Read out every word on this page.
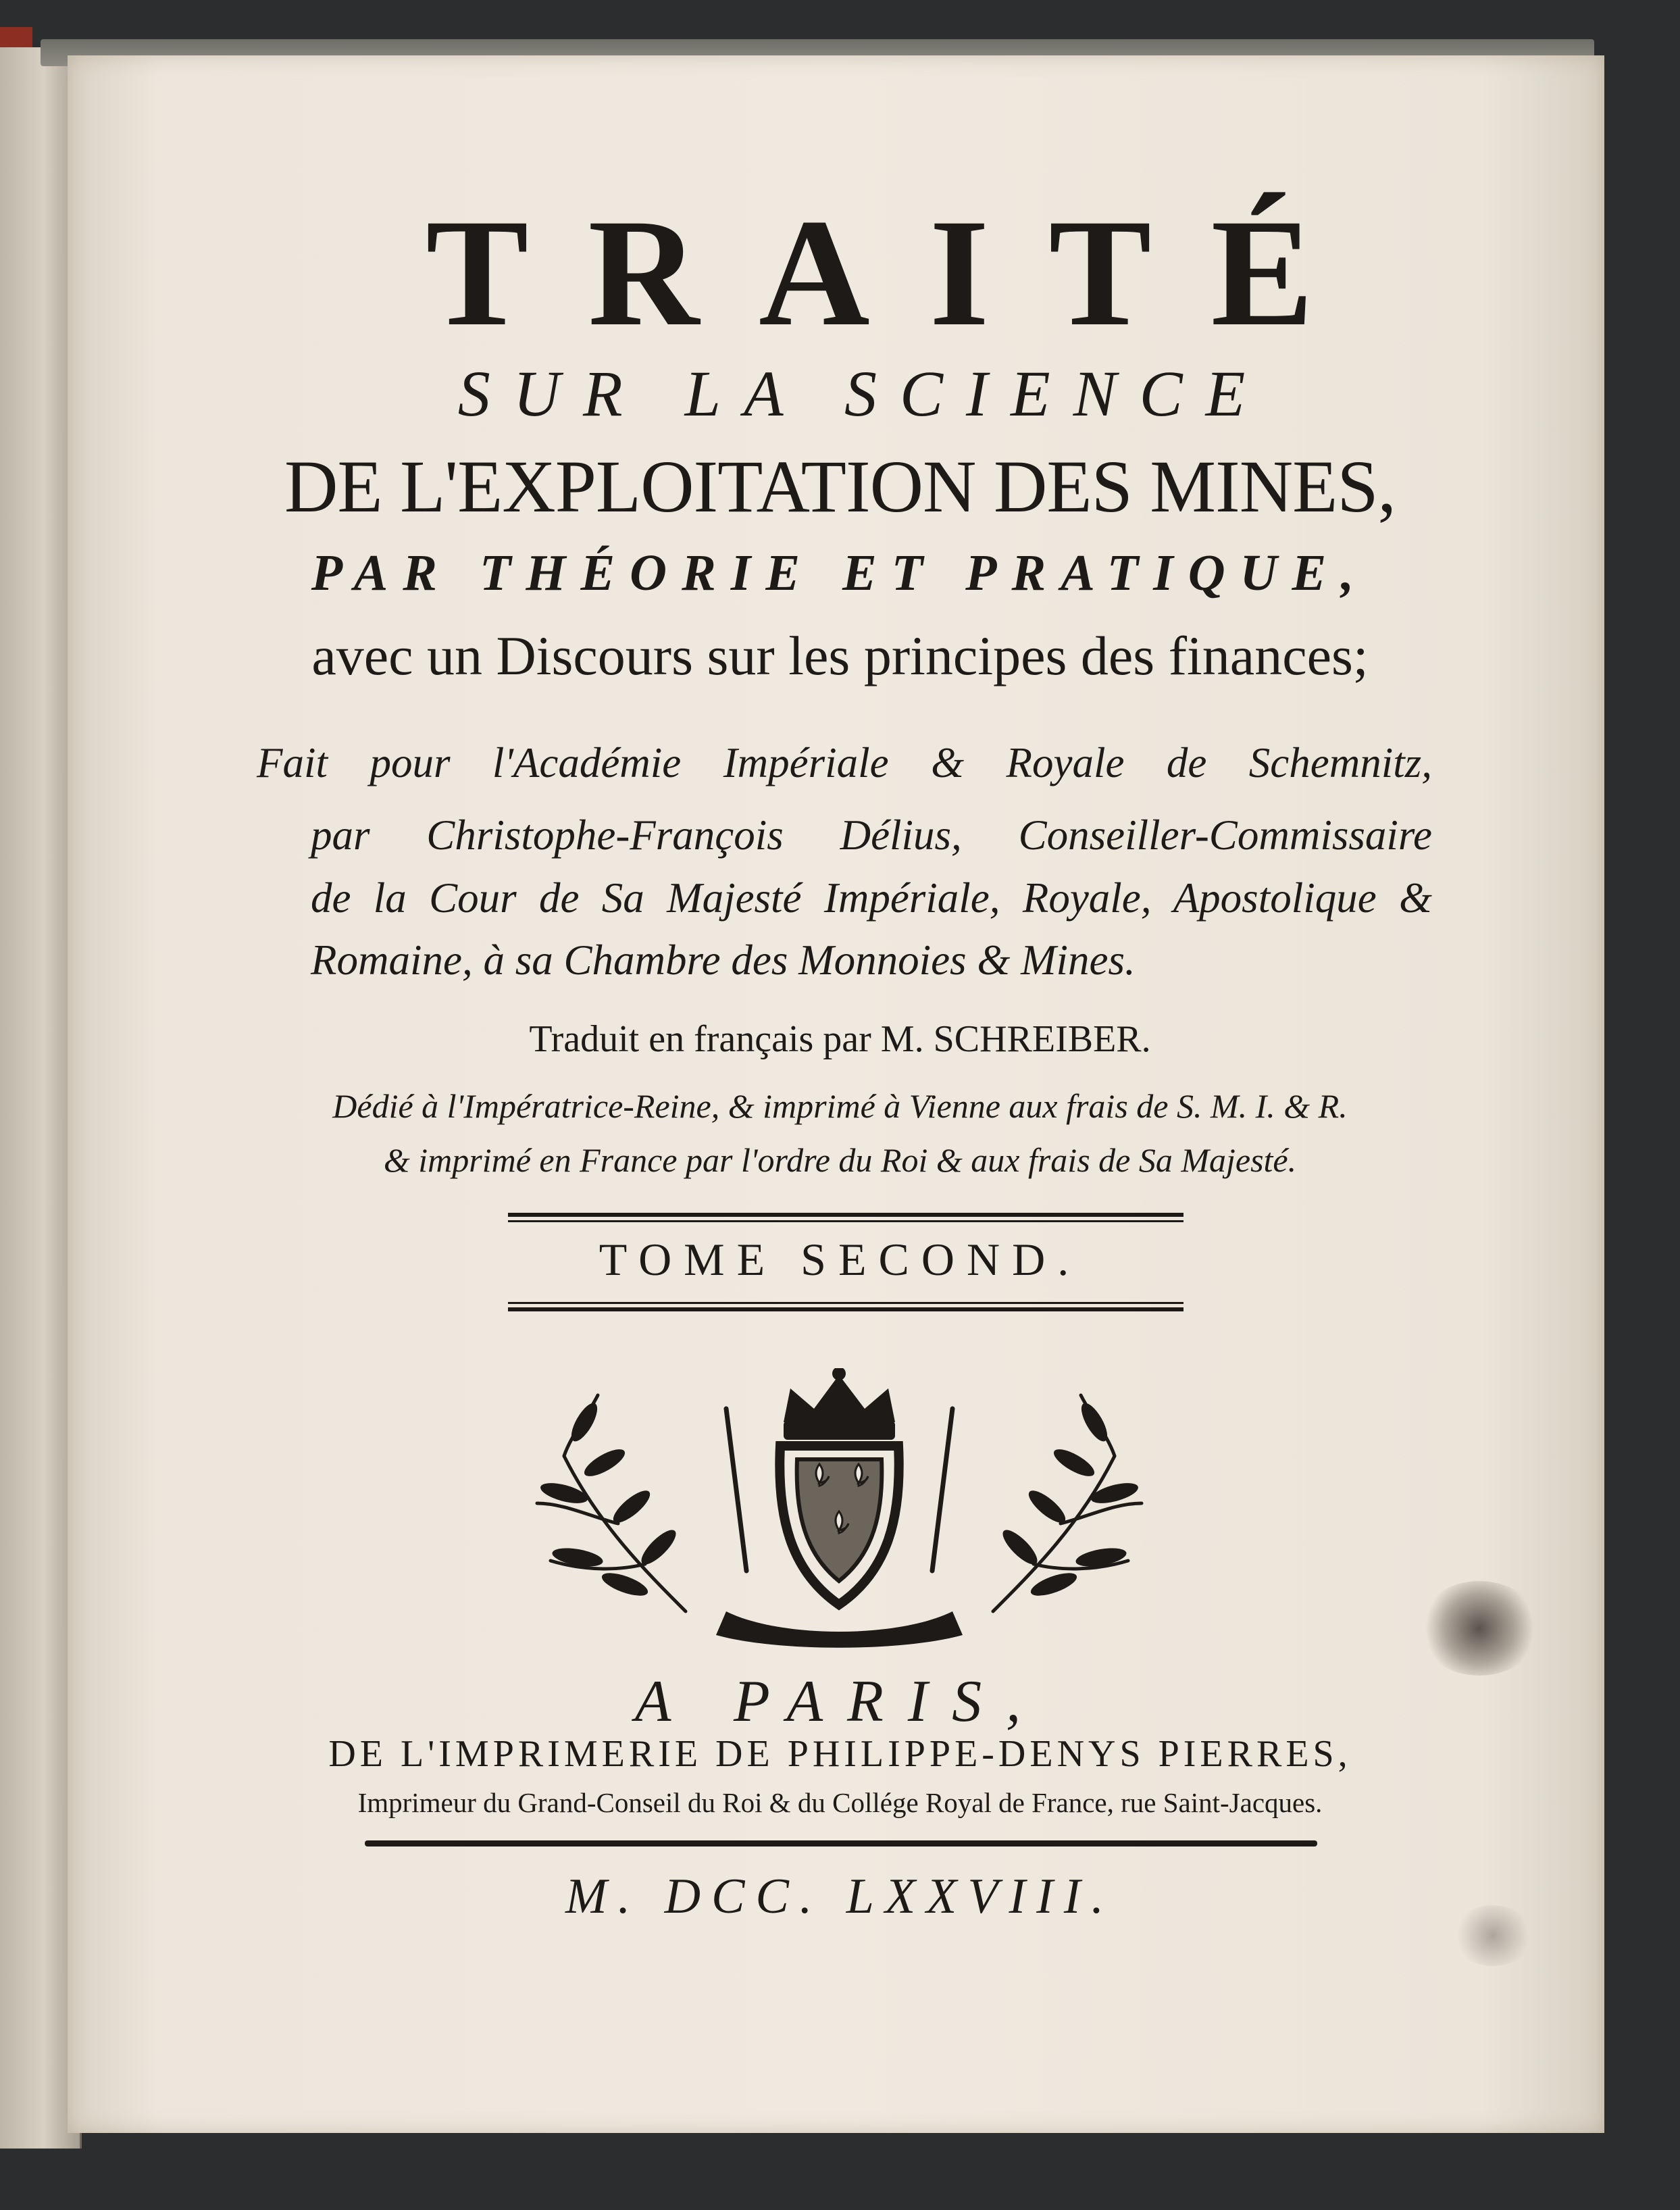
TRAITÉ

SUR LA SCIENCE

DE L'EXPLOITATION DES MINES,

PAR THÉORIE ET PRATIQUE,

avec un Discours sur les principes des finances;

Fait pour l'Académie Impériale & Royale de Schemnitz,

par Christophe-François Délius, Conseiller-Commissaire

de la Cour de Sa Majesté Impériale, Royale, Apostolique &

Romaine, à sa Chambre des Monnoies & Mines.

Traduit en français par M. SCHREIBER.

Dédié à l'Impératrice-Reine, & imprimé à Vienne aux frais de S. M. I. & R.

& imprimé en France par l'ordre du Roi & aux frais de Sa Majesté.

TOME SECOND.

A PARIS,

DE L'IMPRIMERIE DE PHILIPPE-DENYS PIERRES,

Imprimeur du Grand-Conseil du Roi & du Collége Royal de France, rue Saint-Jacques.

M. DCC. LXXVIII.
